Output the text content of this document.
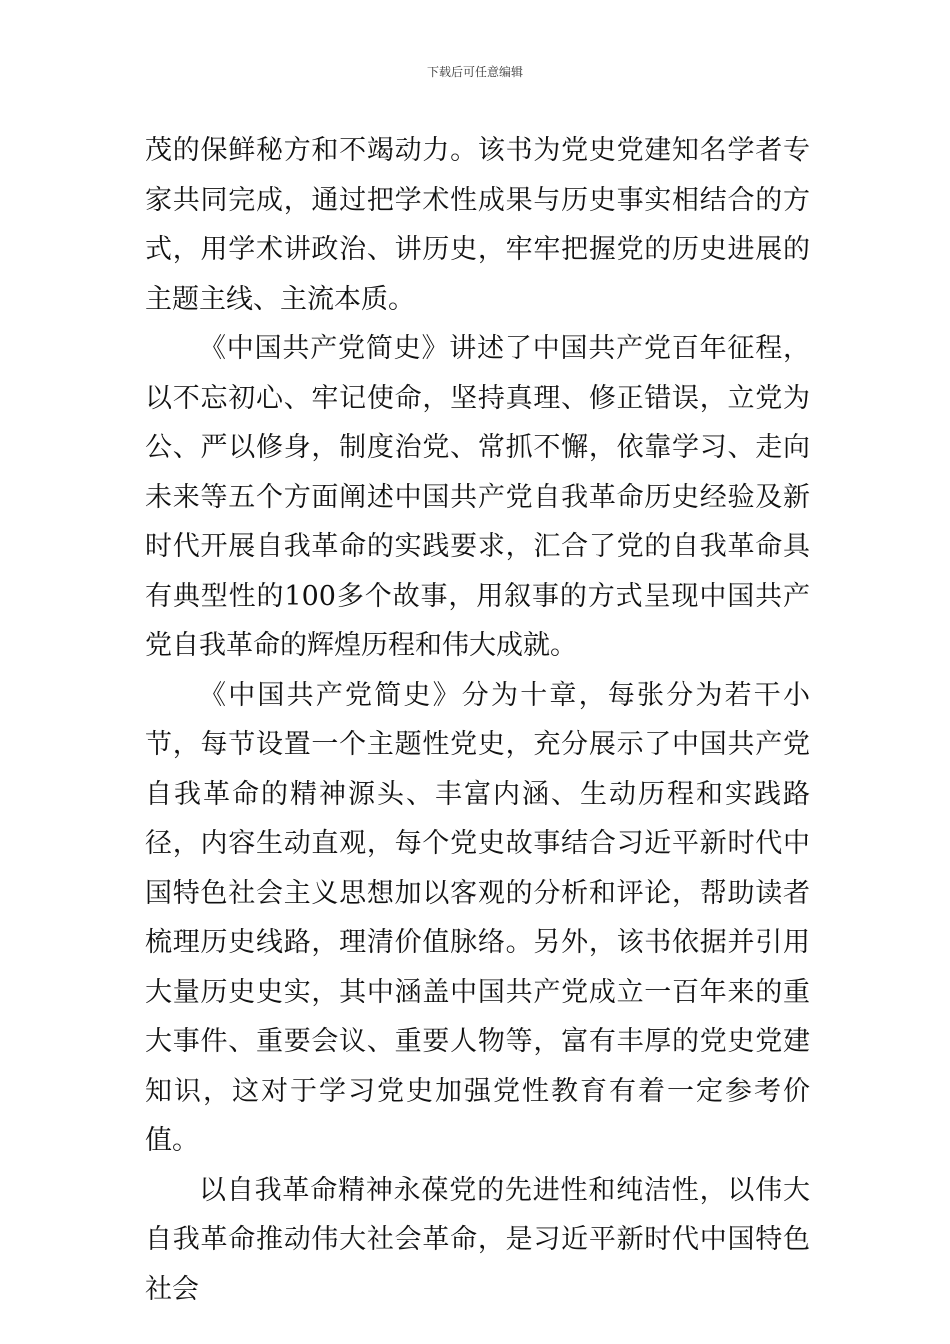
下载后可任意编辑

茂的保鲜秘方和不竭动力。该书为党史党建知名学者专家共同完成，通过把学术性成果与历史事实相结合的方式，用学术讲政治、讲历史，牢牢把握党的历史进展的主题主线、主流本质。

《中国共产党简史》讲述了中国共产党百年征程，以不忘初心、牢记使命，坚持真理、修正错误，立党为公、严以修身，制度治党、常抓不懈，依靠学习、走向未来等五个方面阐述中国共产党自我革命历史经验及新时代开展自我革命的实践要求，汇合了党的自我革命具有典型性的100多个故事，用叙事的方式呈现中国共产党自我革命的辉煌历程和伟大成就。

《中国共产党简史》分为十章，每张分为若干小节，每节设置一个主题性党史，充分展示了中国共产党自我革命的精神源头、丰富内涵、生动历程和实践路径，内容生动直观，每个党史故事结合习近平新时代中国特色社会主义思想加以客观的分析和评论，帮助读者梳理历史线路，理清价值脉络。另外，该书依据并引用大量历史史实，其中涵盖中国共产党成立一百年来的重大事件、重要会议、重要人物等，富有丰厚的党史党建知识，这对于学习党史加强党性教育有着一定参考价值。

以自我革命精神永葆党的先进性和纯洁性，以伟大自我革命推动伟大社会革命，是习近平新时代中国特色社会
